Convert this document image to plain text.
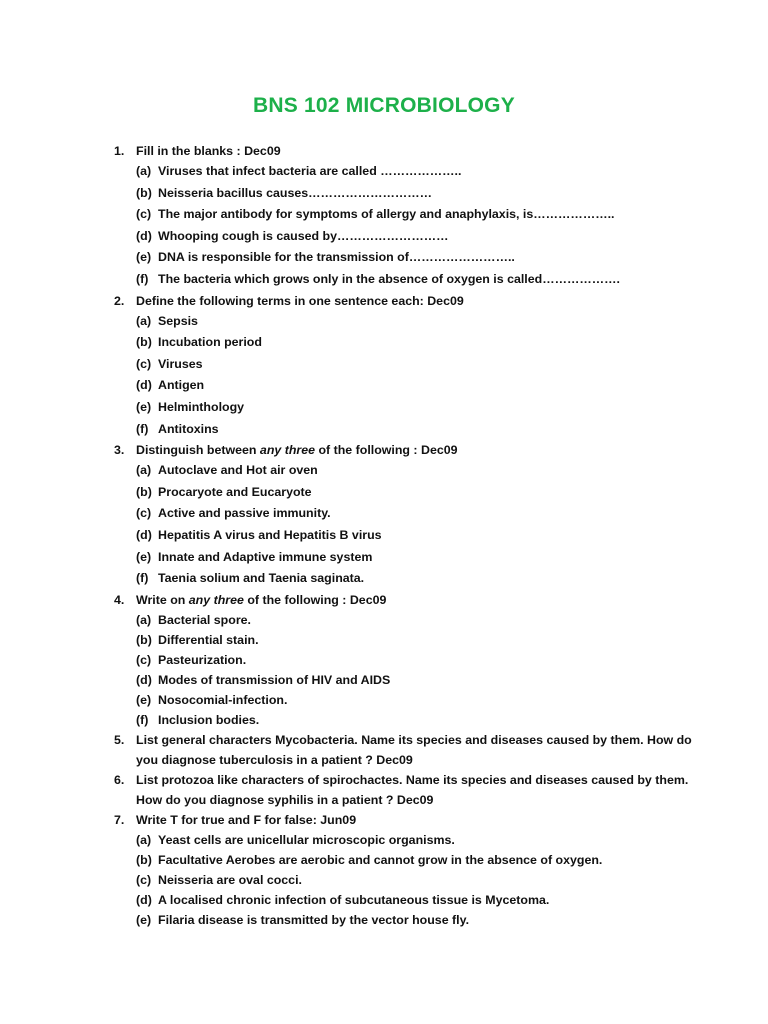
BNS 102 MICROBIOLOGY
1. Fill in the blanks : Dec09
(a) Viruses that infect bacteria are called ………………..
(b) Neisseria bacillus causes…………………………
(c) The major antibody for symptoms of allergy and anaphylaxis, is………………..
(d) Whooping cough is caused by………………………
(e) DNA is responsible for the transmission of……………………..
(f) The bacteria which grows only in the absence of oxygen is called……………….
2. Define the following terms in one sentence each: Dec09
(a) Sepsis
(b) Incubation period
(c) Viruses
(d) Antigen
(e) Helminthology
(f) Antitoxins
3. Distinguish between any three of the following : Dec09
(a) Autoclave and Hot air oven
(b) Procaryote and Eucaryote
(c) Active and passive immunity.
(d) Hepatitis A virus and Hepatitis B virus
(e) Innate and Adaptive immune system
(f) Taenia solium and Taenia saginata.
4. Write on any three of the following : Dec09
(a) Bacterial spore.
(b) Differential stain.
(c) Pasteurization.
(d) Modes of transmission of HIV and AIDS
(e) Nosocomial-infection.
(f) Inclusion bodies.
5. List general characters Mycobacteria. Name its species and diseases caused by them. How do
you diagnose tuberculosis in a patient ? Dec09
6. List protozoa like characters of spirochactes. Name its species and diseases caused by them.
How do you diagnose syphilis in a patient ? Dec09
7. Write T for true and F for false: Jun09
(a) Yeast cells are unicellular microscopic organisms.
(b) Facultative Aerobes are aerobic and cannot grow in the absence of oxygen.
(c) Neisseria are oval cocci.
(d) A localised chronic infection of subcutaneous tissue is Mycetoma.
(e) Filaria disease is transmitted by the vector house fly.
